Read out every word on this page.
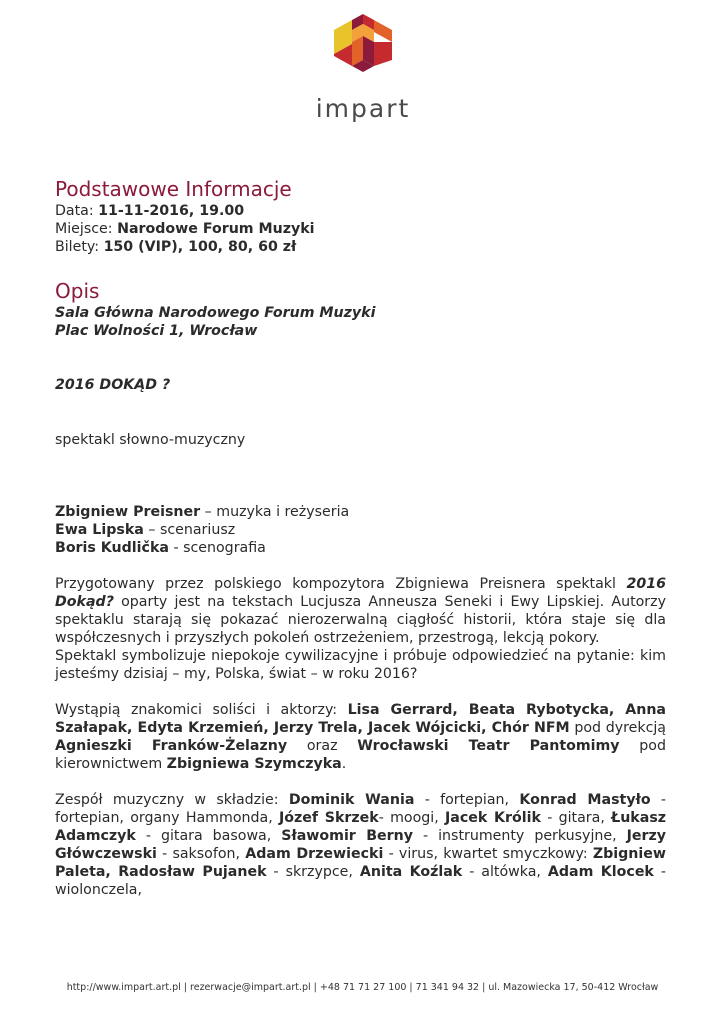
impart
Podstawowe Informacje

Data: 11-11-2016, 19.00

Miejsce: Narodowe Forum Muzyki

Bilety: 150 (VIP), 100, 80, 60 zł

Opis

Sala Główna Narodowego Forum Muzyki

Plac Wolności 1, Wrocław

2016 DOKĄD ?

spektakl słowno-muzyczny

Zbigniew Preisner – muzyka i reżyseria

Ewa Lipska – scenariusz

Boris Kudlička - scenografia

Przygotowany przez polskiego kompozytora Zbigniewa Preisnera spektakl 2016 Dokąd? oparty jest na tekstach Lucjusza Anneusza Seneki i Ewy Lipskiej. Autorzy spektaklu starają się pokazać nierozerwalną ciągłość historii, która staje się dla współczesnych i przyszłych pokoleń ostrzeżeniem, przestrogą, lekcją pokory.

Spektakl symbolizuje niepokoje cywilizacyjne i próbuje odpowiedzieć na pytanie: kim jesteśmy dzisiaj – my, Polska, świat – w roku 2016?

Wystąpią znakomici soliści i aktorzy: Lisa Gerrard, Beata Rybotycka, Anna Szałapak, Edyta Krzemień, Jerzy Trela, Jacek Wójcicki, Chór NFM pod dyrekcją Agnieszki Franków-Żelazny oraz Wrocławski Teatr Pantomimy pod kierownictwem Zbigniewa Szymczyka.

Zespół muzyczny w składzie: Dominik Wania - fortepian, Konrad Mastyło - fortepian, organy Hammonda, Józef Skrzek- moogi, Jacek Królik - gitara, Łukasz Adamczyk - gitara basowa, Sławomir Berny - instrumenty perkusyjne, Jerzy Główczewski - saksofon, Adam Drzewiecki - virus, kwartet smyczkowy: Zbigniew Paleta, Radosław Pujanek - skrzypce, Anita Koźlak - altówka, Adam Klocek - wiolonczela,

http://www.impart.art.pl | rezerwacje@impart.art.pl | +48 71 71 27 100 | 71 341 94 32 | ul. Mazowiecka 17, 50-412 Wrocław
